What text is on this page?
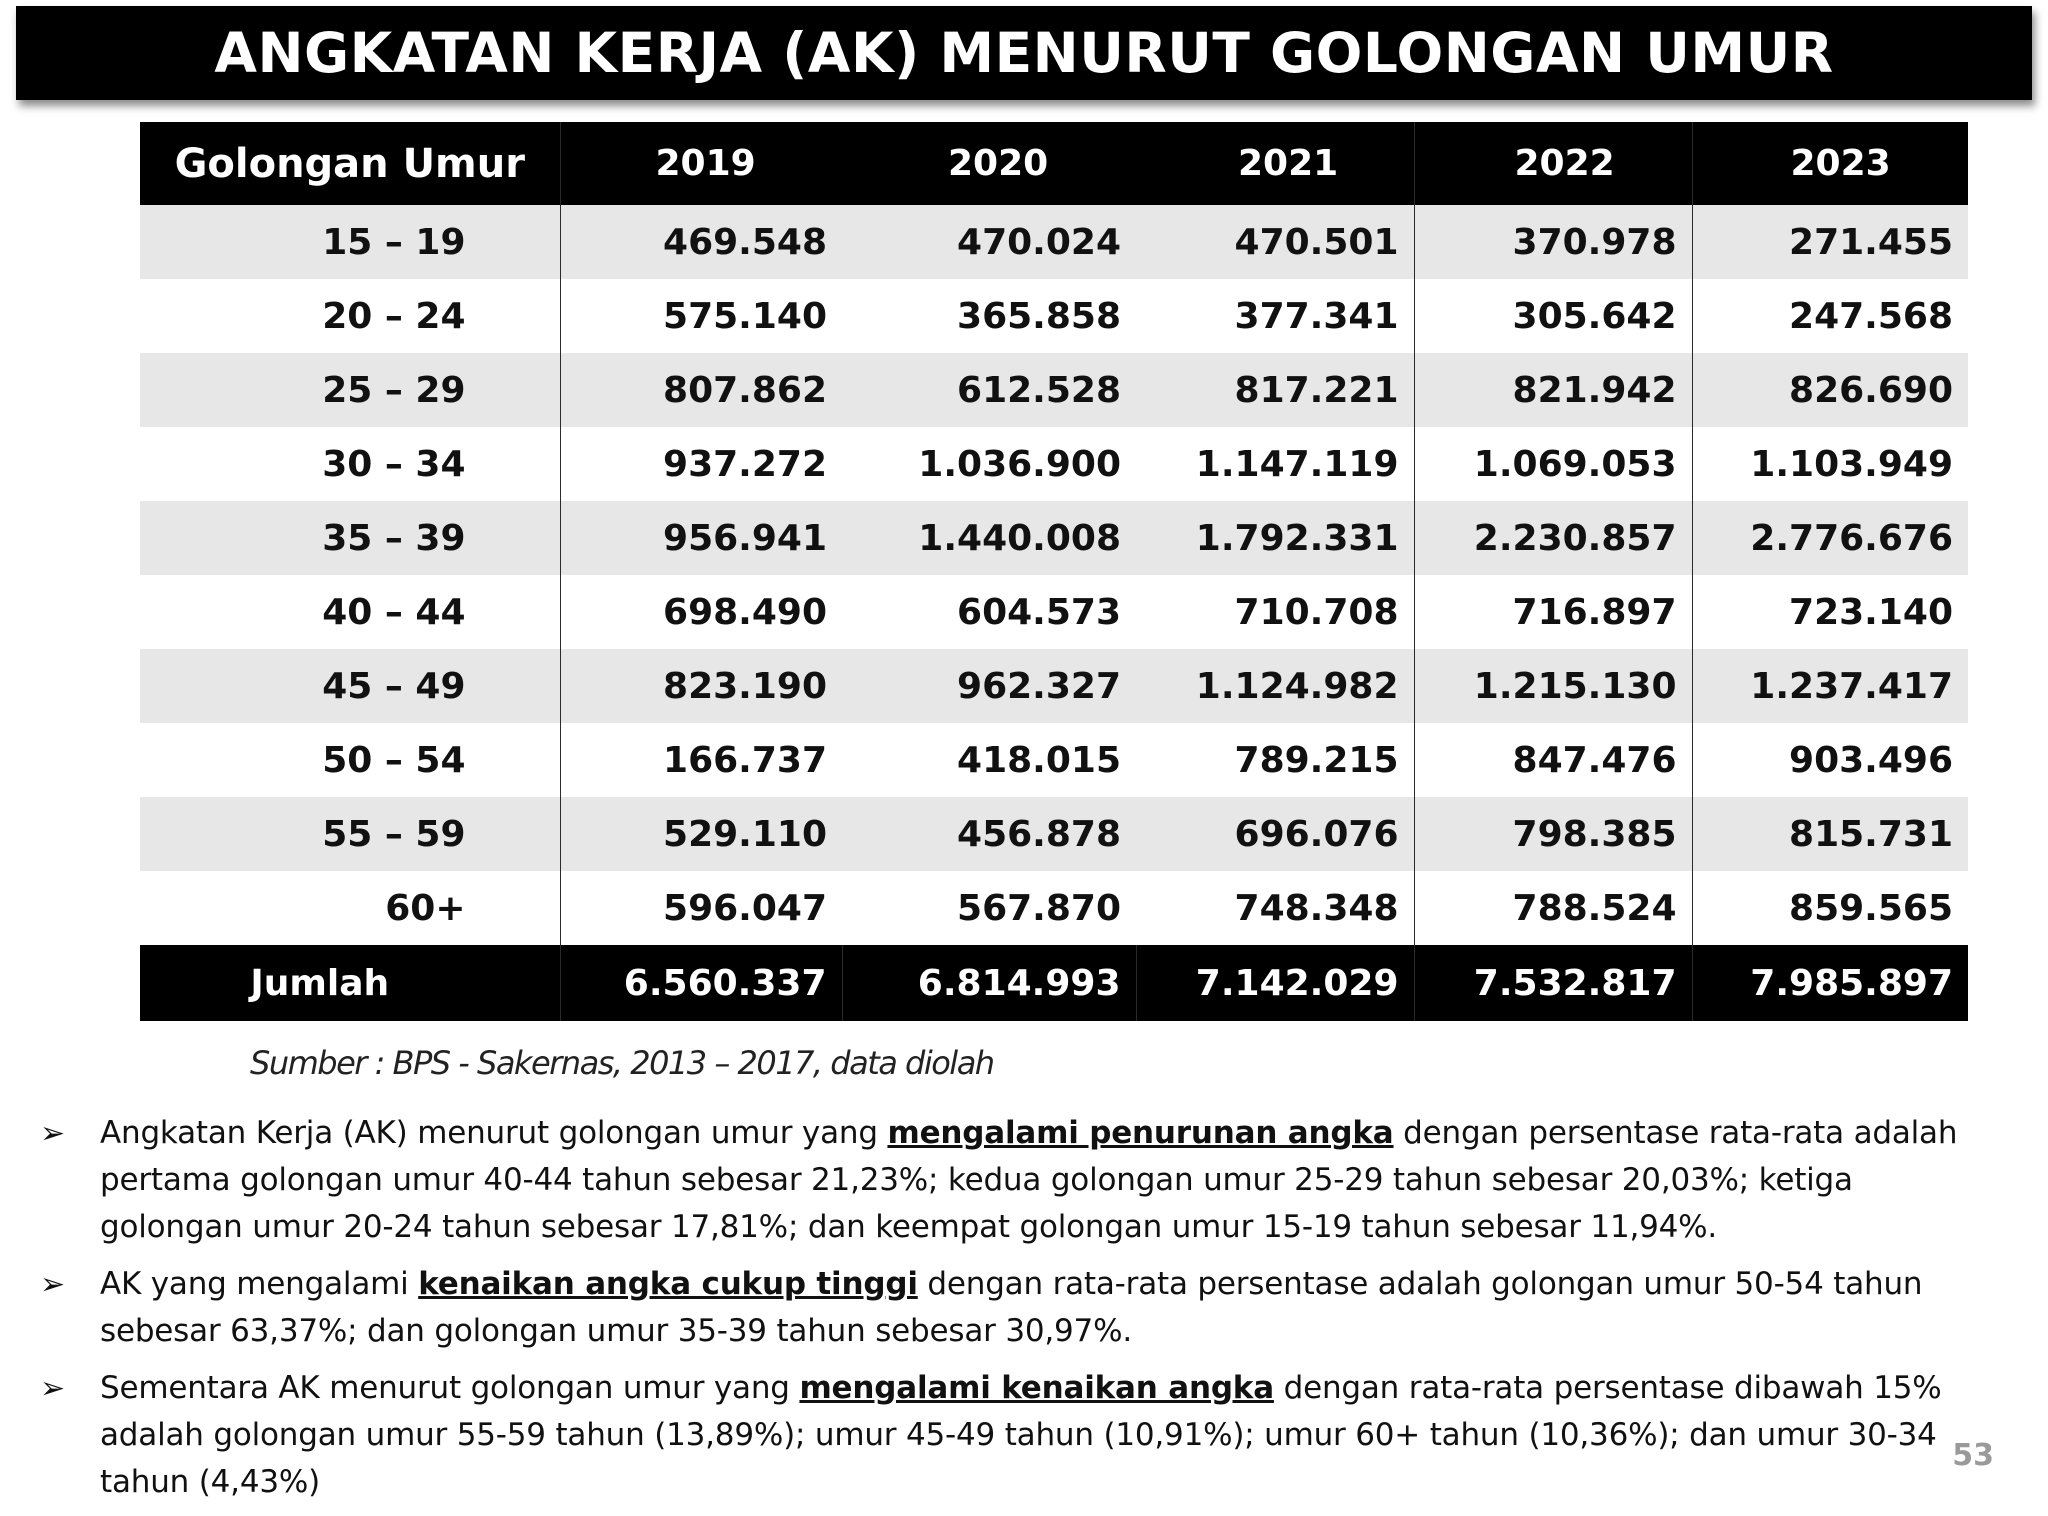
ANGKATAN KERJA (AK) MENURUT GOLONGAN UMUR
Golongan Umur	2019	2020	2021	2022	2023
15 – 19	469.548	470.024	470.501	370.978	271.455
20 – 24	575.140	365.858	377.341	305.642	247.568
25 – 29	807.862	612.528	817.221	821.942	826.690
30 – 34	937.272	1.036.900	1.147.119	1.069.053	1.103.949
35 – 39	956.941	1.440.008	1.792.331	2.230.857	2.776.676
40 – 44	698.490	604.573	710.708	716.897	723.140
45 – 49	823.190	962.327	1.124.982	1.215.130	1.237.417
50 – 54	166.737	418.015	789.215	847.476	903.496
55 – 59	529.110	456.878	696.076	798.385	815.731
60+	596.047	567.870	748.348	788.524	859.565
Jumlah	6.560.337	6.814.993	7.142.029	7.532.817	7.985.897
Sumber : BPS - Sakernas, 2013 – 2017, data diolah
➢ Angkatan Kerja (AK) menurut golongan umur yang mengalami penurunan angka dengan persentase rata-rata adalah pertama golongan umur 40-44 tahun sebesar 21,23%; kedua golongan umur 25-29 tahun sebesar 20,03%; ketiga golongan umur 20-24 tahun sebesar 17,81%; dan keempat golongan umur 15-19 tahun sebesar 11,94%.
➢ AK yang mengalami kenaikan angka cukup tinggi dengan rata-rata persentase adalah golongan umur 50-54 tahun sebesar 63,37%; dan golongan umur 35-39 tahun sebesar 30,97%.
➢ Sementara AK menurut golongan umur yang mengalami kenaikan angka dengan rata-rata persentase dibawah 15% adalah golongan umur 55-59 tahun (13,89%); umur 45-49 tahun (10,91%); umur 60+ tahun (10,36%); dan umur 30-34 tahun (4,43%)
53
